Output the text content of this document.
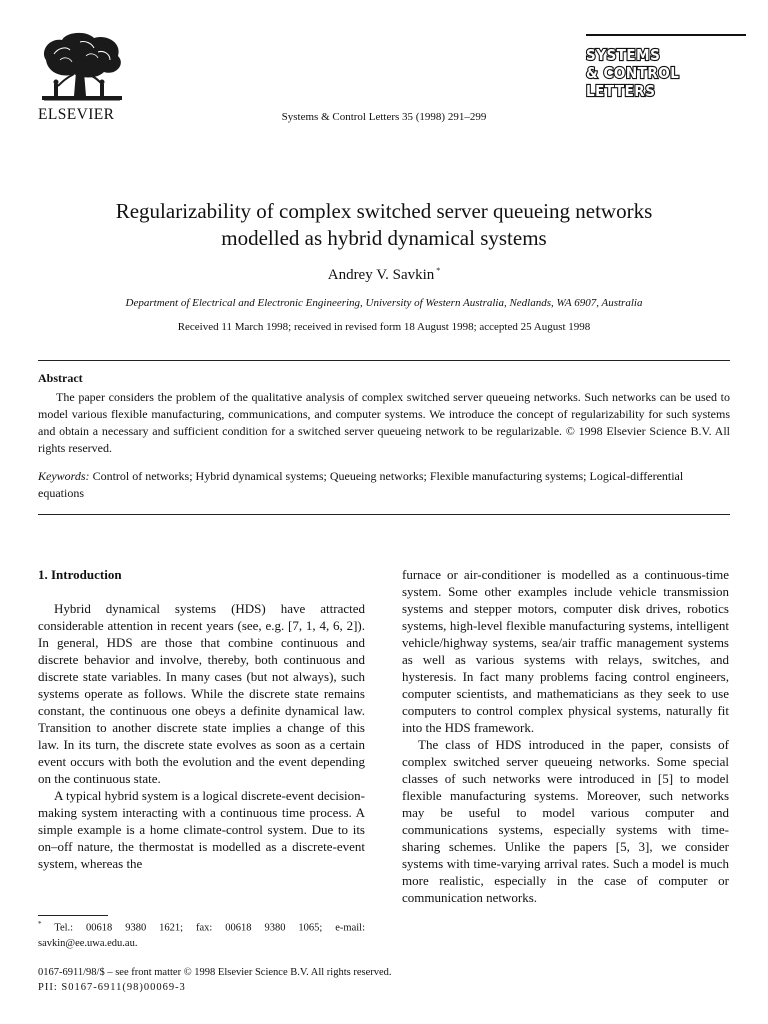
ELSEVIER	Systems & Control Letters 35 (1998) 291–299
SYSTEMS
& CONTROL
LETTERS
Regularizability of complex switched server queueing networks
modelled as hybrid dynamical systems
Andrey V. Savkin *
Department of Electrical and Electronic Engineering, University of Western Australia, Nedlands, WA 6907, Australia
Received 11 March 1998; received in revised form 18 August 1998; accepted 25 August 1998
Abstract
The paper considers the problem of the qualitative analysis of complex switched server queueing networks. Such networks can be used to model various flexible manufacturing, communications, and computer systems. We introduce the concept of regularizability for such systems and obtain a necessary and sufficient condition for a switched server queueing network to be regularizable. © 1998 Elsevier Science B.V. All rights reserved.
Keywords: Control of networks; Hybrid dynamical systems; Queueing networks; Flexible manufacturing systems; Logical-differential equations
1. Introduction

Hybrid dynamical systems (HDS) have attracted considerable attention in recent years (see, e.g. [7, 1, 4, 6, 2]). In general, HDS are those that combine continuous and discrete behavior and involve, thereby, both continuous and discrete state variables. In many cases (but not always), such systems operate as follows. While the discrete state remains constant, the continuous one obeys a definite dynamical law. Transition to another discrete state implies a change of this law. In its turn, the discrete state evolves as soon as a certain event occurs with both the evolution and the event depending on the continuous state.

A typical hybrid system is a logical discrete-event decision-making system interacting with a continuous time process. A simple example is a home climate-control system. Due to its on–off nature, the thermostat is modelled as a discrete-event system, whereas the

furnace or air-conditioner is modelled as a continuous-time system. Some other examples include vehicle transmission systems and stepper motors, computer disk drives, robotics systems, high-level flexible manufacturing systems, intelligent vehicle/highway systems, sea/air traffic management systems as well as various systems with relays, switches, and hysteresis. In fact many problems facing control engineers, computer scientists, and mathematicians as they seek to use computers to control complex physical systems, naturally fit into the HDS framework.

The class of HDS introduced in the paper, consists of complex switched server queueing networks. Some special classes of such networks were introduced in [5] to model flexible manufacturing systems. Moreover, such networks may be useful to model various computer and communications systems, especially systems with time-sharing schemes. Unlike the papers [5, 3], we consider systems with time-varying arrival rates. Such a model is much more realistic, especially in the case of computer or communication networks.

* Tel.: 00618 9380 1621; fax: 00618 9380 1065; e-mail: savkin@ee.uwa.edu.au.
0167-6911/98/$ – see front matter © 1998 Elsevier Science B.V. All rights reserved.
PII: S0167-6911(98)00069-3
